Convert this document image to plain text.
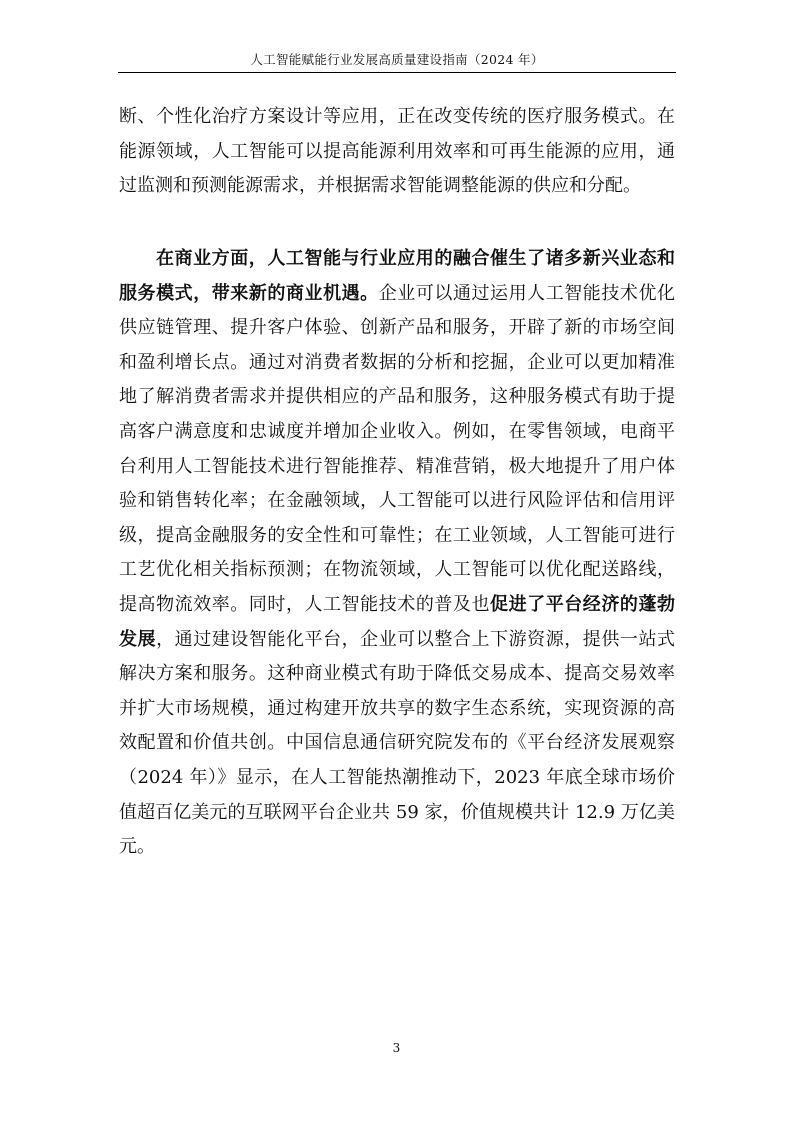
人工智能赋能行业发展高质量建设指南（2024 年）

断、个性化治疗方案设计等应用，正在改变传统的医疗服务模式。在能源领域，人工智能可以提高能源利用效率和可再生能源的应用，通过监测和预测能源需求，并根据需求智能调整能源的供应和分配。

在商业方面，人工智能与行业应用的融合催生了诸多新兴业态和服务模式，带来新的商业机遇。企业可以通过运用人工智能技术优化供应链管理、提升客户体验、创新产品和服务，开辟了新的市场空间和盈利增长点。通过对消费者数据的分析和挖掘，企业可以更加精准地了解消费者需求并提供相应的产品和服务，这种服务模式有助于提高客户满意度和忠诚度并增加企业收入。例如，在零售领域，电商平台利用人工智能技术进行智能推荐、精准营销，极大地提升了用户体验和销售转化率；在金融领域，人工智能可以进行风险评估和信用评级，提高金融服务的安全性和可靠性；在工业领域，人工智能可进行工艺优化相关指标预测；在物流领域，人工智能可以优化配送路线，提高物流效率。同时，人工智能技术的普及也促进了平台经济的蓬勃发展，通过建设智能化平台，企业可以整合上下游资源，提供一站式解决方案和服务。这种商业模式有助于降低交易成本、提高交易效率并扩大市场规模，通过构建开放共享的数字生态系统，实现资源的高效配置和价值共创。中国信息通信研究院发布的《平台经济发展观察（2024 年）》显示，在人工智能热潮推动下，2023 年底全球市场价值超百亿美元的互联网平台企业共 59 家，价值规模共计 12.9 万亿美元。

3
